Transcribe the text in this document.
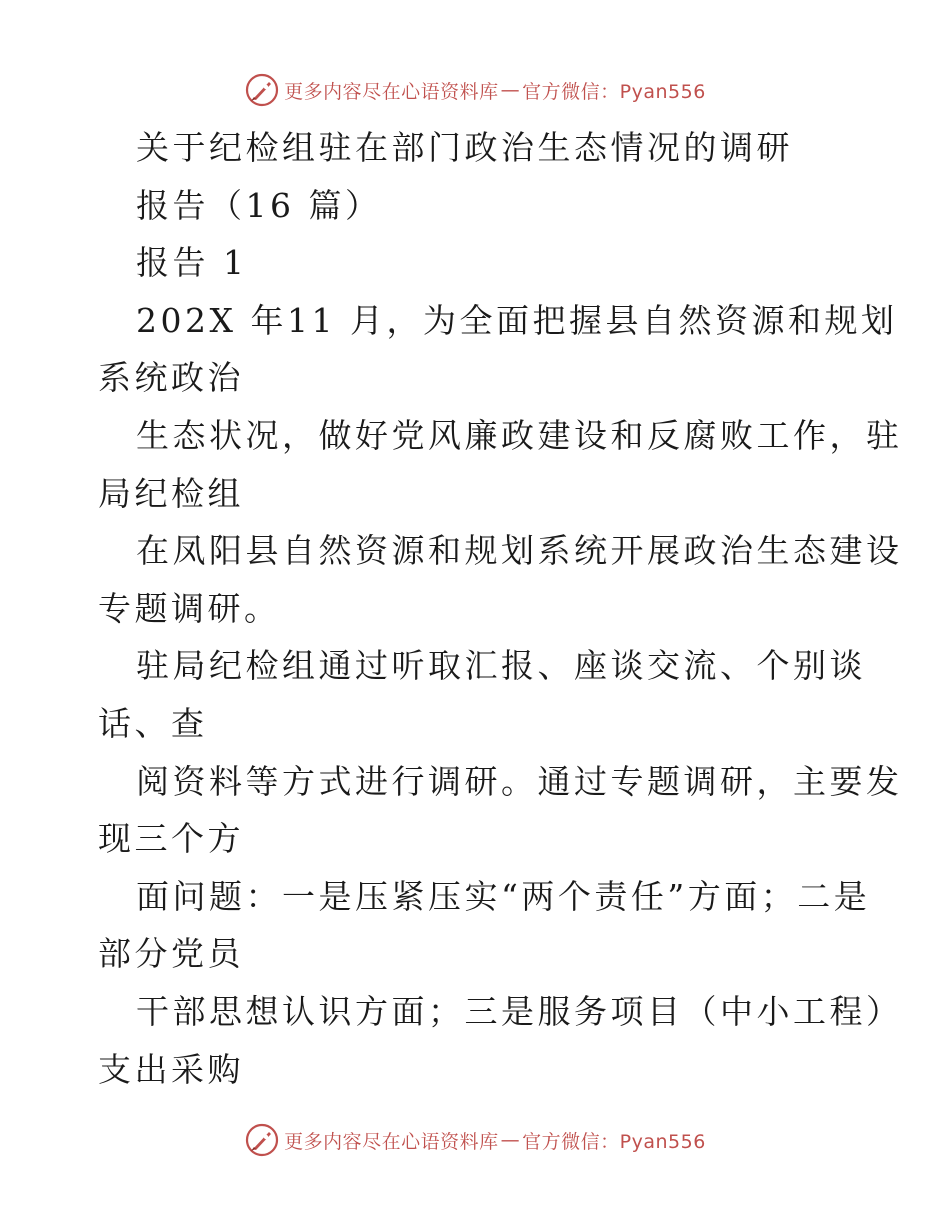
更多内容尽在心语资料库 — 官方微信：Pyan556
关于纪检组驻在部门政治生态情况的调研
报告（16 篇）
报告 1
202X 年11 月，为全面把握县自然资源和规划
系统政治
生态状况，做好党风廉政建设和反腐败工作，驻
局纪检组
在凤阳县自然资源和规划系统开展政治生态建设
专题调研。
驻局纪检组通过听取汇报、座谈交流、个别谈
话、查
阅资料等方式进行调研。通过专题调研，主要发
现三个方
面问题：一是压紧压实“两个责任”方面；二是
部分党员
干部思想认识方面；三是服务项目（中小工程）
支出采购
更多内容尽在心语资料库 — 官方微信：Pyan556
